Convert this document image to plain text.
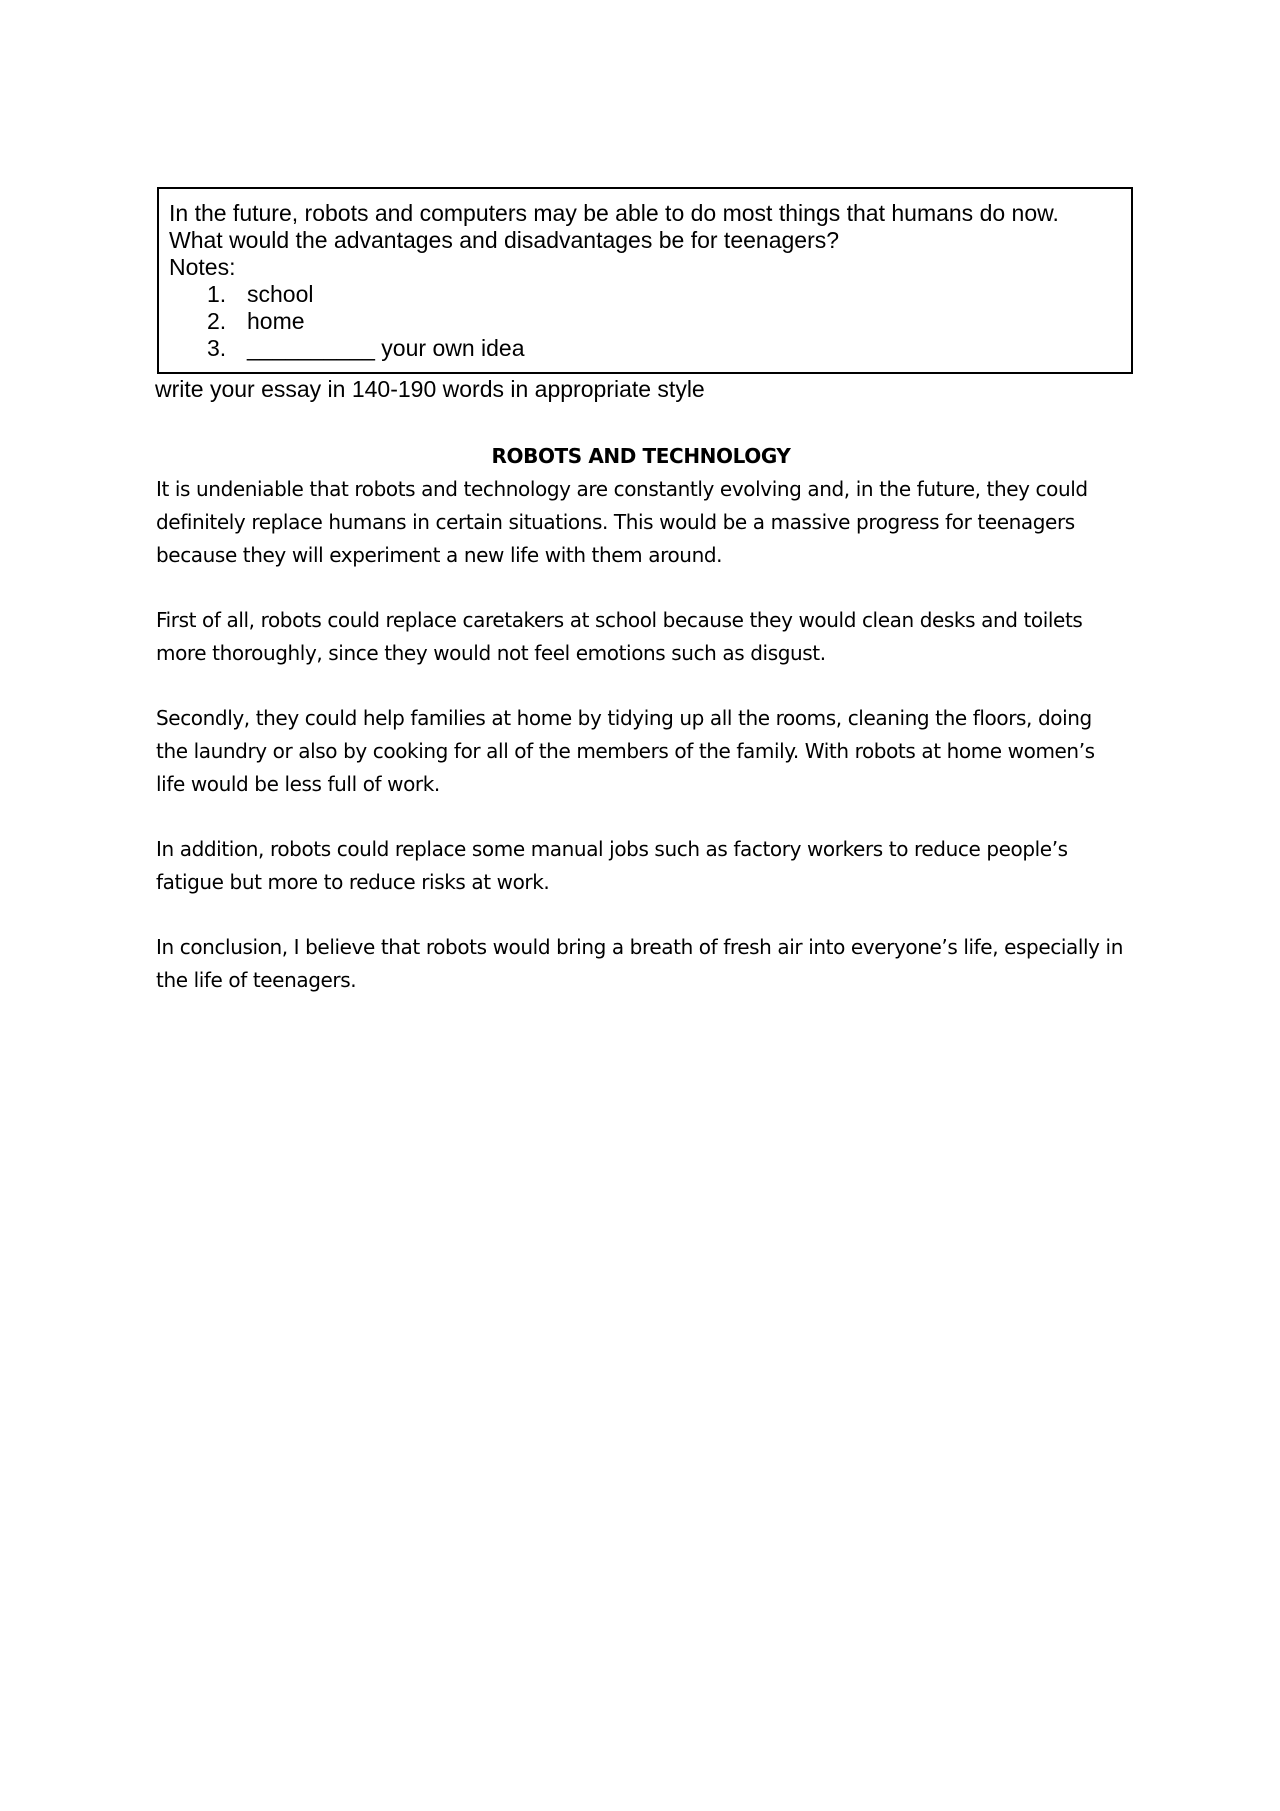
In the future, robots and computers may be able to do most things that humans do now.

What would the advantages and disadvantages be for teenagers?

Notes:

1. school
2. home
3. __________ your own idea
write your essay in 140-190 words in appropriate style

ROBOTS AND TECHNOLOGY

It is undeniable that robots and technology are constantly evolving and, in the future, they could definitely replace humans in certain situations. This would be a massive progress for teenagers because they will experiment a new life with them around.

First of all, robots could replace caretakers at school because they would clean desks and toilets more thoroughly, since they would not feel emotions such as disgust.

Secondly, they could help families at home by tidying up all the rooms, cleaning the floors, doing the laundry or also by cooking for all of the members of the family. With robots at home women’s life would be less full of work.

In addition, robots could replace some manual jobs such as factory workers to reduce people’s fatigue but more to reduce risks at work.

In conclusion, I believe that robots would bring a breath of fresh air into everyone’s life, especially in the life of teenagers.
